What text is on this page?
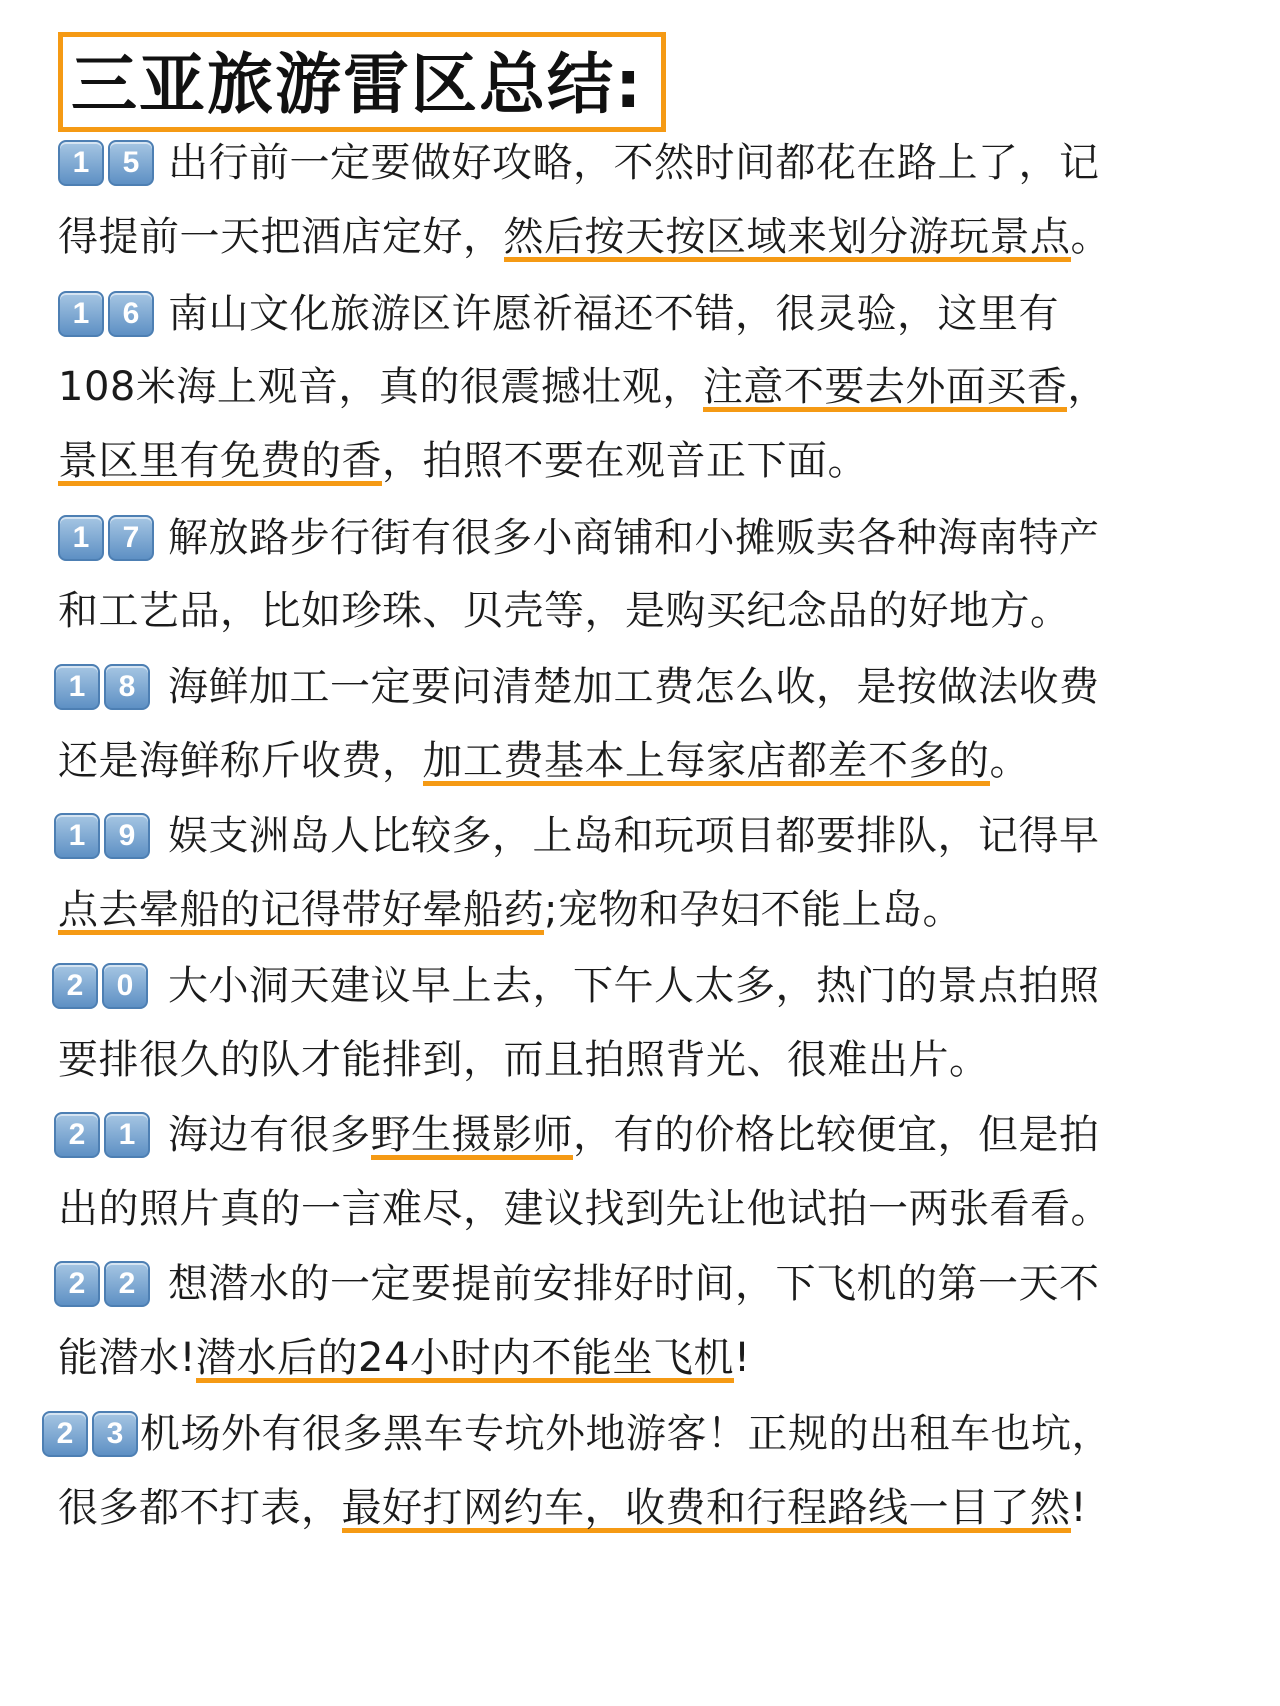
三亚旅游雷区总结:
1	5 出行前一定要做好攻略，不然时间都花在路上了，记
得提前一天把酒店定好，然后按天按区域来划分游玩景点。
1	6 南山文化旅游区许愿祈福还不错，很灵验，这里有
108米海上观音，真的很震撼壮观，注意不要去外面买香，
景区里有免费的香，拍照不要在观音正下面。
1	7 解放路步行街有很多小商铺和小摊贩卖各种海南特产
和工艺品，比如珍珠、贝壳等，是购买纪念品的好地方。
1	8 海鲜加工一定要问清楚加工费怎么收，是按做法收费
还是海鲜称斤收费，加工费基本上每家店都差不多的。
1	9 娱支洲岛人比较多，上岛和玩项目都要排队，记得早
点去晕船的记得带好晕船药;宠物和孕妇不能上岛。
2	0 大小洞天建议早上去，下午人太多，热门的景点拍照
要排很久的队才能排到，而且拍照背光、很难出片。
2	1 海边有很多野生摄影师，有的价格比较便宜，但是拍
出的照片真的一言难尽，建议找到先让他试拍一两张看看。
2	2 想潜水的一定要提前安排好时间，下飞机的第一天不
能潜水!潜水后的24小时内不能坐飞机!
2	3 机场外有很多黑车专坑外地游客！正规的出租车也坑，
很多都不打表，最好打网约车，收费和行程路线一目了然!
